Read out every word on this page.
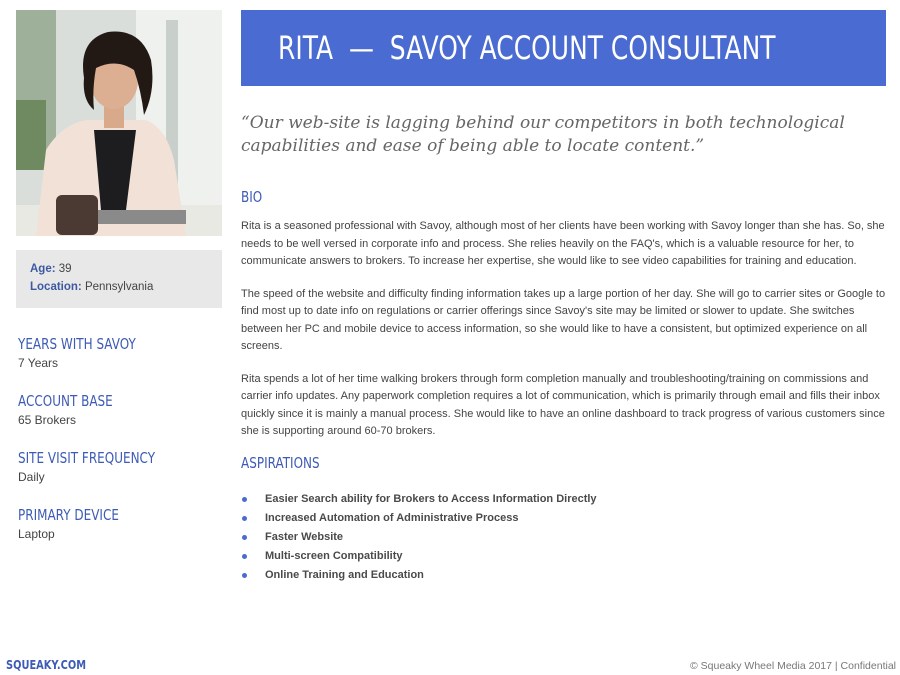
Age: 39
Location: Pennsylvania
YEARS WITH SAVOY
7 Years
ACCOUNT BASE
65 Brokers
SITE VISIT FREQUENCY
Daily
PRIMARY DEVICE
Laptop
RITA  —  SAVOY ACCOUNT CONSULTANT
“Our web-site is lagging behind our competitors in both technological capabilities and ease of being able to locate content.”
BIO

Rita is a seasoned professional with Savoy, although most of her clients have been working with Savoy longer than she has. So, she needs to be well versed in corporate info and process. She relies heavily on the FAQ's, which is a valuable resource for her, to communicate answers to brokers. To increase her expertise, she would like to see video capabilities for training and education.

The speed of the website and difficulty finding information takes up a large portion of her day. She will go to carrier sites or Google to find most up to date info on regulations or carrier offerings since Savoy's site may be limited or slower to update. She switches between her PC and mobile device to access information, so she would like to have a consistent, but optimized experience on all screens.

Rita spends a lot of her time walking brokers through form completion manually and troubleshooting/training on commissions and carrier info updates. Any paperwork completion requires a lot of communication, which is primarily through email and fills their inbox quickly since it is mainly a manual process. She would like to have an online dashboard to track progress of various customers since she is supporting around 60-70 brokers.

ASPIRATIONS
Easier Search ability for Brokers to Access Information Directly
Increased Automation of Administrative Process
Faster Website
Multi-screen Compatibility
Online Training and Education
SQUEAKY.COM	© Squeaky Wheel Media 2017 | Confidential
